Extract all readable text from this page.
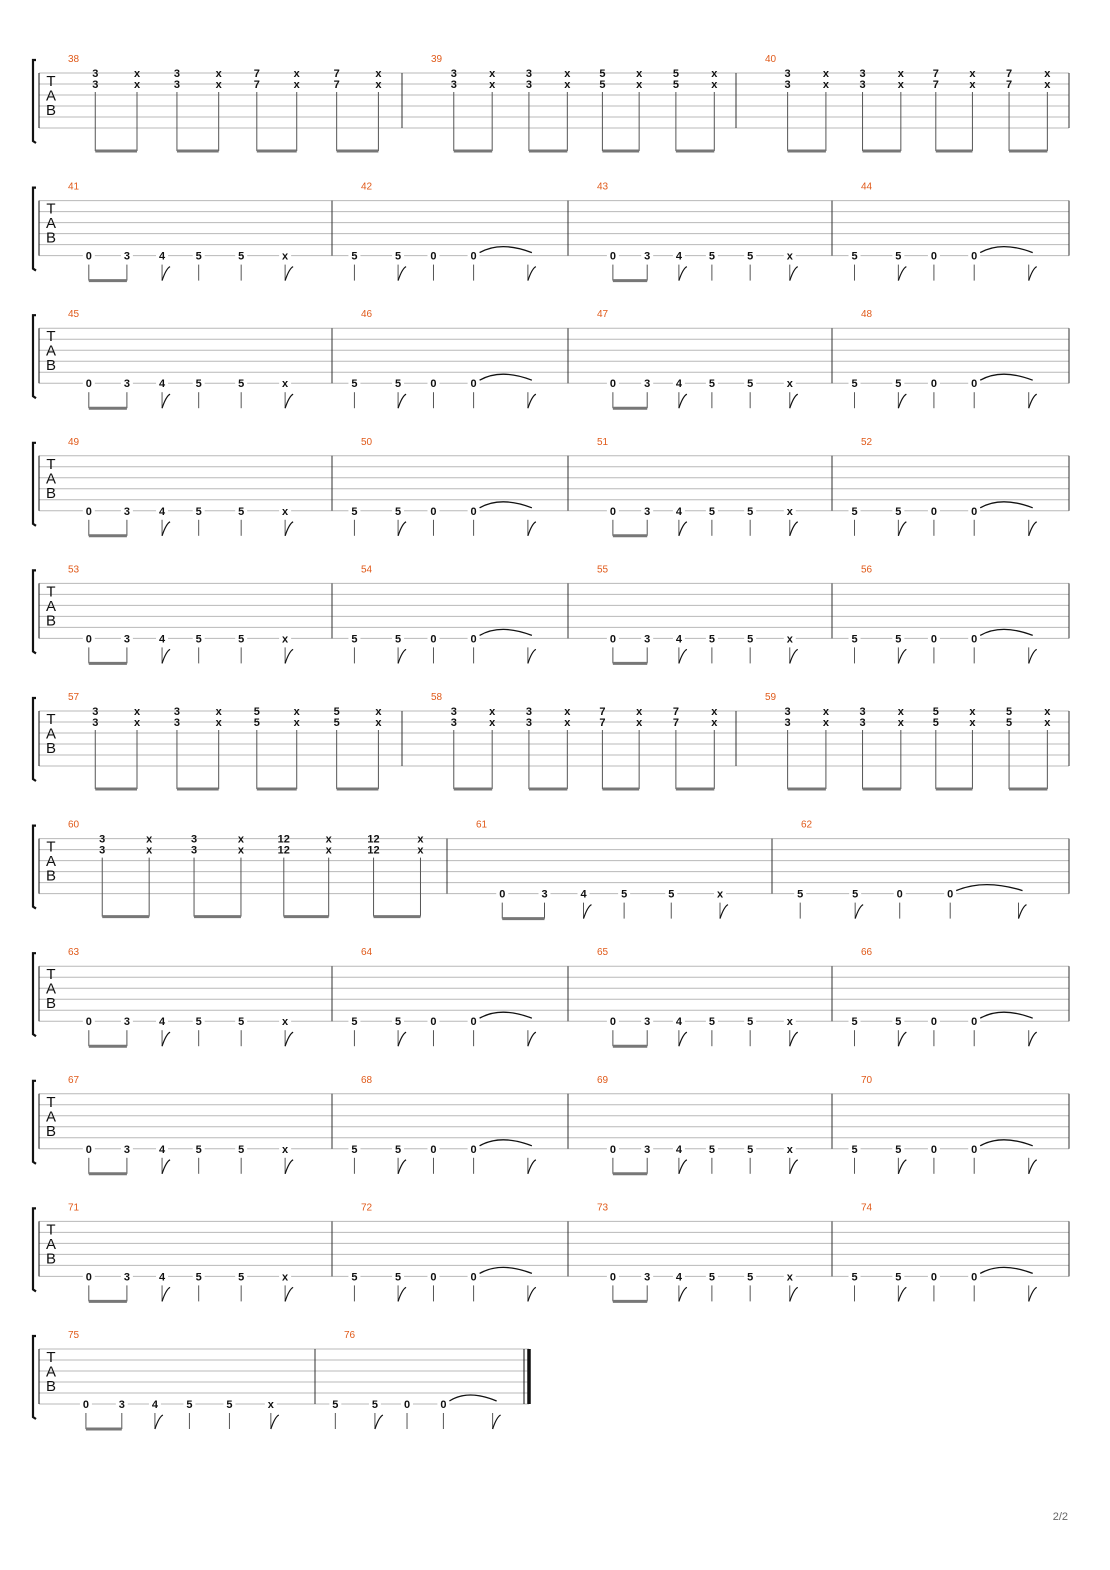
T
A
B
38
3
3
x
x
3
3
x
x
7
7
x
x
7
7
x
x
39
3
3
x
x
3
3
x
x
5
5
x
x
5
5
x
x
40
3
3
x
x
3
3
x
x
7
7
x
x
7
7
x
x
T
A
B
41
0	3	4	5	5	x
42
5	5	0	0
43
0	3 4 5	5	x
44
5	5	0	0
T
A
B
45
0	3	4	5	5	x
46
5	5	0	0
47
0	3 4 5	5	x
48
5	5	0	0
T
A
B
49
0	3	4	5	5	x
50
5	5	0	0
51
0	3 4 5	5	x
52
5	5	0	0
T
A
B
53
0	3	4	5	5	x
54
5	5	0	0
55
0	3 4 5	5	x
56
5	5	0	0
T
A
B
57
3
3
x
x
3
3
x
x
5
5
x
x
5
5
x
x
58
3
3
x
x
3
3
x
x
7
7
x
x
7
7
x
x
59
3
3
x
x
3
3
x
x
5
5
x
x
5
5
x
x
T
A
B
60
3
3
x
x
3
3
x
x
12
12
x
x
12
12
x
x
61
0	3	4	5	5	x
62
5	5	0	0
T
A
B
63
0	3	4	5	5	x
64
5	5	0	0
65
0	3 4 5	5	x
66
5	5	0	0
T
A
B
67
0	3	4	5	5	x
68
5	5	0	0
69
0	3 4 5	5	x
70
5	5	0	0
T
A
B
71
0	3	4	5	5	x
72
5	5	0	0
73
0	3 4 5	5	x
74
5	5	0	0
T
A
B
75
0	3 4	5	5	x
76
5	5 0	0
2/2
